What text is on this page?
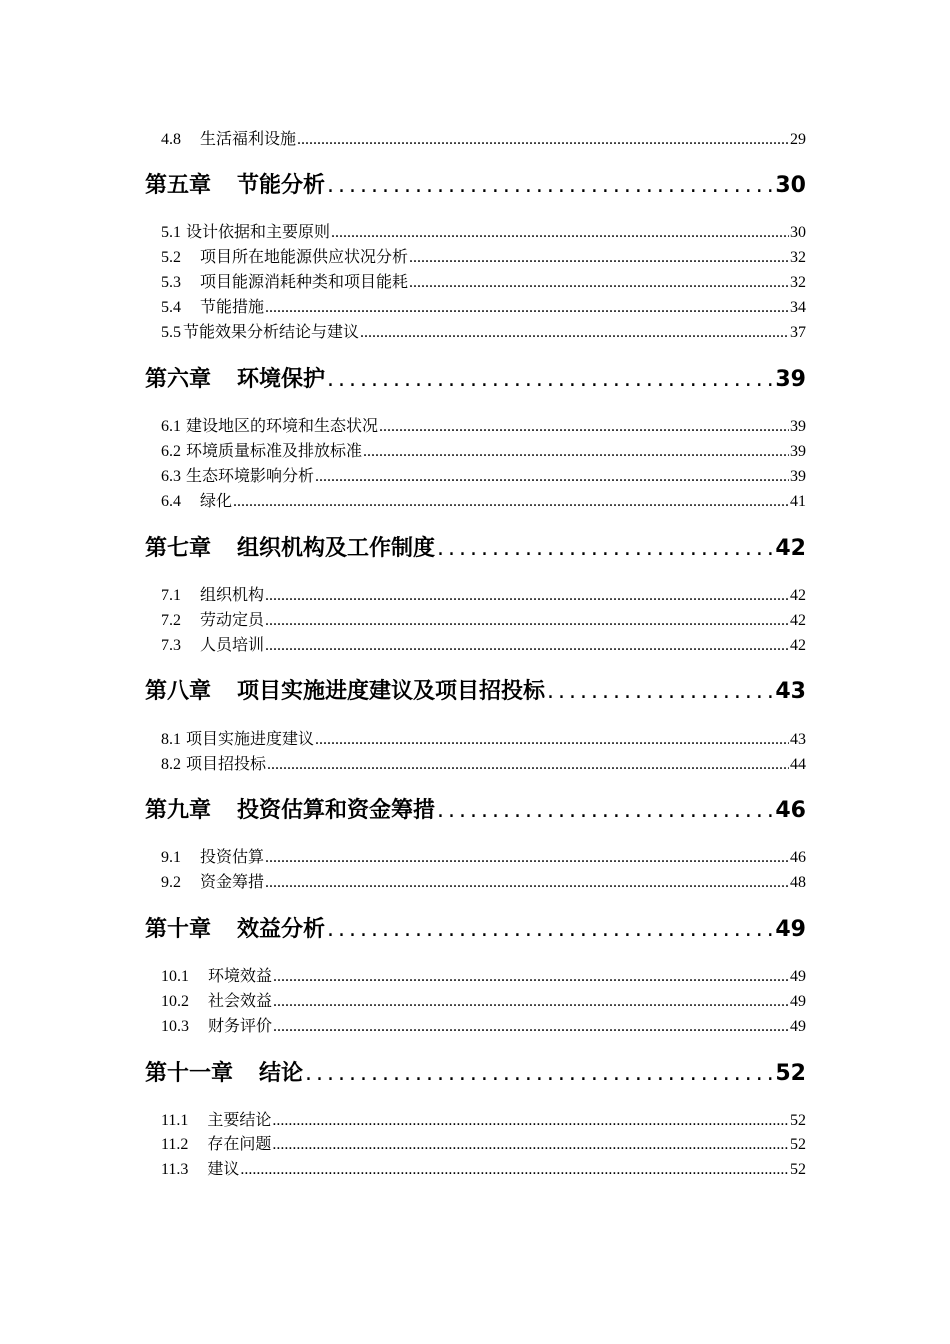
4.8 生活福利设施 .....	29
第五章 节能分析 .....	30
5.1 设计依据和主要原则 .....	30
5.2 项目所在地能源供应状况分析 .....	32
5.3 项目能源消耗种类和项目能耗 .....	32
5.4 节能措施 .....	34
5.5 节能效果分析结论与建议 .....	37
第六章 环境保护 .....	39
6.1 建设地区的环境和生态状况 .....	39
6.2 环境质量标准及排放标准 .....	39
6.3 生态环境影响分析 .....	39
6.4 绿化 .....	41
第七章 组织机构及工作制度 .....	42
7.1 组织机构 .....	42
7.2 劳动定员 .....	42
7.3 人员培训 .....	42
第八章 项目实施进度建议及项目招投标 .....	43
8.1 项目实施进度建议 .....	43
8.2 项目招投标 .....	44
第九章 投资估算和资金筹措 .....	46
9.1 投资估算 .....	46
9.2 资金筹措 .....	48
第十章 效益分析 .....	49
10.1 环境效益 .....	49
10.2 社会效益 .....	49
10.3 财务评价 .....	49
第十一章 结论 .....	52
11.1 主要结论 .....	52
11.2 存在问题 .....	52
11.3 建议 .....	52
